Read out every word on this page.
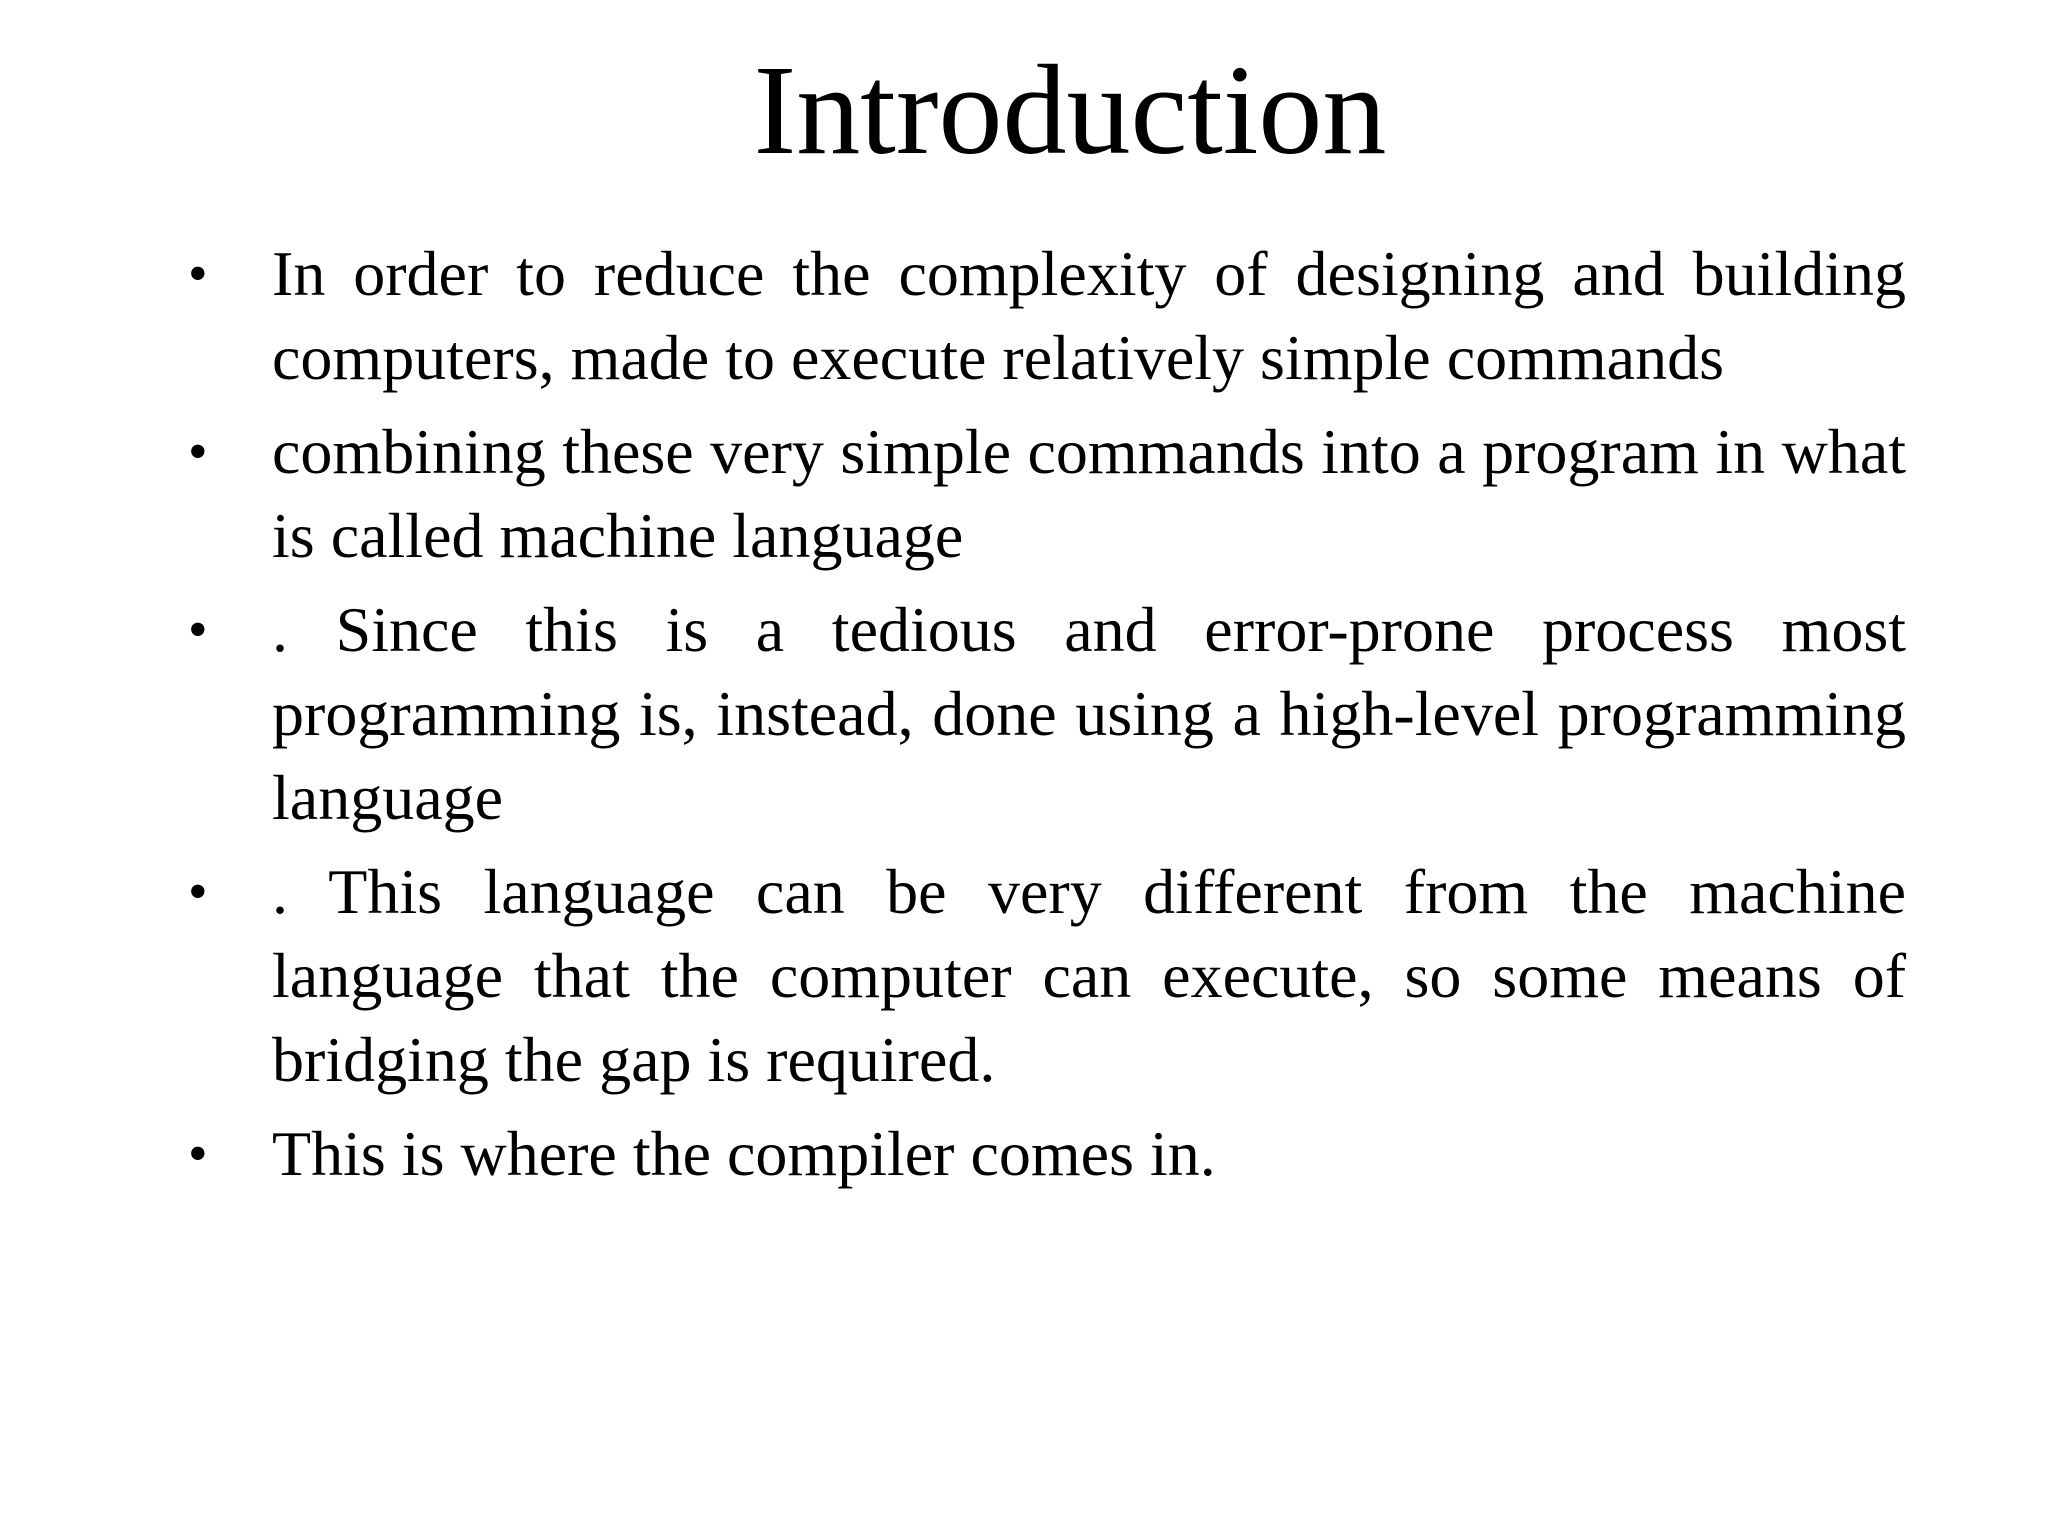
Introduction
• In order to reduce the complexity of designing and building computers, made to execute relatively simple commands
• combining these very simple commands into a program in what is called machine language
• . Since this is a tedious and error-prone process most programming is, instead, done using a high-level programming language
• . This language can be very different from the machine language that the computer can execute, so some means of bridging the gap is required.
• This is where the compiler comes in.
